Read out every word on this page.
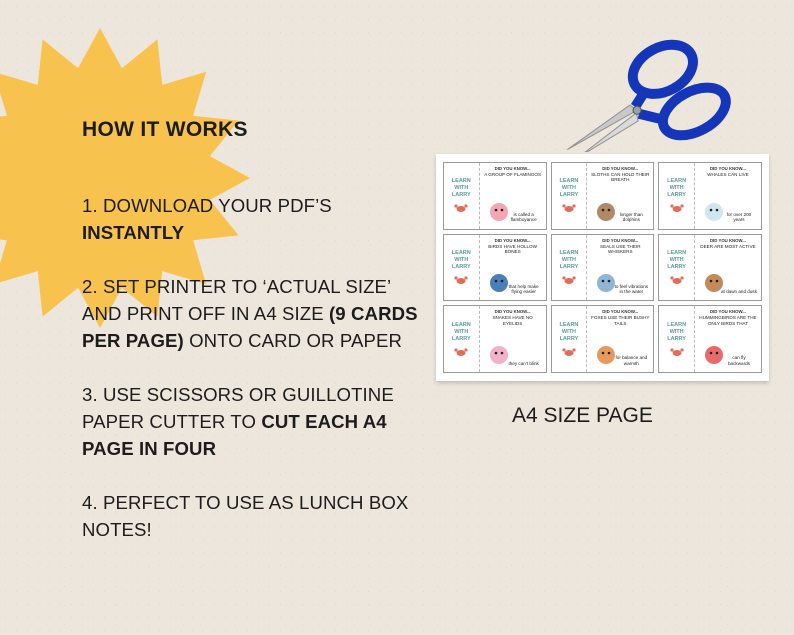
HOW IT WORKS

1. DOWNLOAD YOUR PDF’S INSTANTLY

2. SET PRINTER TO ‘ACTUAL SIZE’ AND PRINT OFF IN A4 SIZE (9 CARDS PER PAGE) ONTO CARD OR PAPER

3. USE SCISSORS OR GUILLOTINE PAPER CUTTER TO CUT EACH A4 PAGE IN FOUR

4. PERFECT TO USE AS LUNCH BOX NOTES!

LEARN WITH LARRY
DID YOU KNOW...
A GROUP OF FLAMINGOS
is called a flamboyance
LEARN WITH LARRY
DID YOU KNOW...
SLOTHS CAN HOLD THEIR BREATH
longer than dolphins
LEARN WITH LARRY
DID YOU KNOW...
WHALES CAN LIVE
for over 200 years
LEARN WITH LARRY
DID YOU KNOW...
BIRDS HAVE HOLLOW BONES
that help make flying easier
LEARN WITH LARRY
DID YOU KNOW...
SEALS USE THEIR WHISKERS
to feel vibrations in the water
LEARN WITH LARRY
DID YOU KNOW...
DEER ARE MOST ACTIVE
at dawn and dusk
LEARN WITH LARRY
DID YOU KNOW...
SNAKES HAVE NO EYELIDS
they can’t blink
LEARN WITH LARRY
DID YOU KNOW...
FOXES USE THEIR BUSHY TAILS
for balance and warmth
LEARN WITH LARRY
DID YOU KNOW...
HUMMINGBIRDS ARE THE ONLY BIRDS THAT
can fly backwards

A4 SIZE PAGE
